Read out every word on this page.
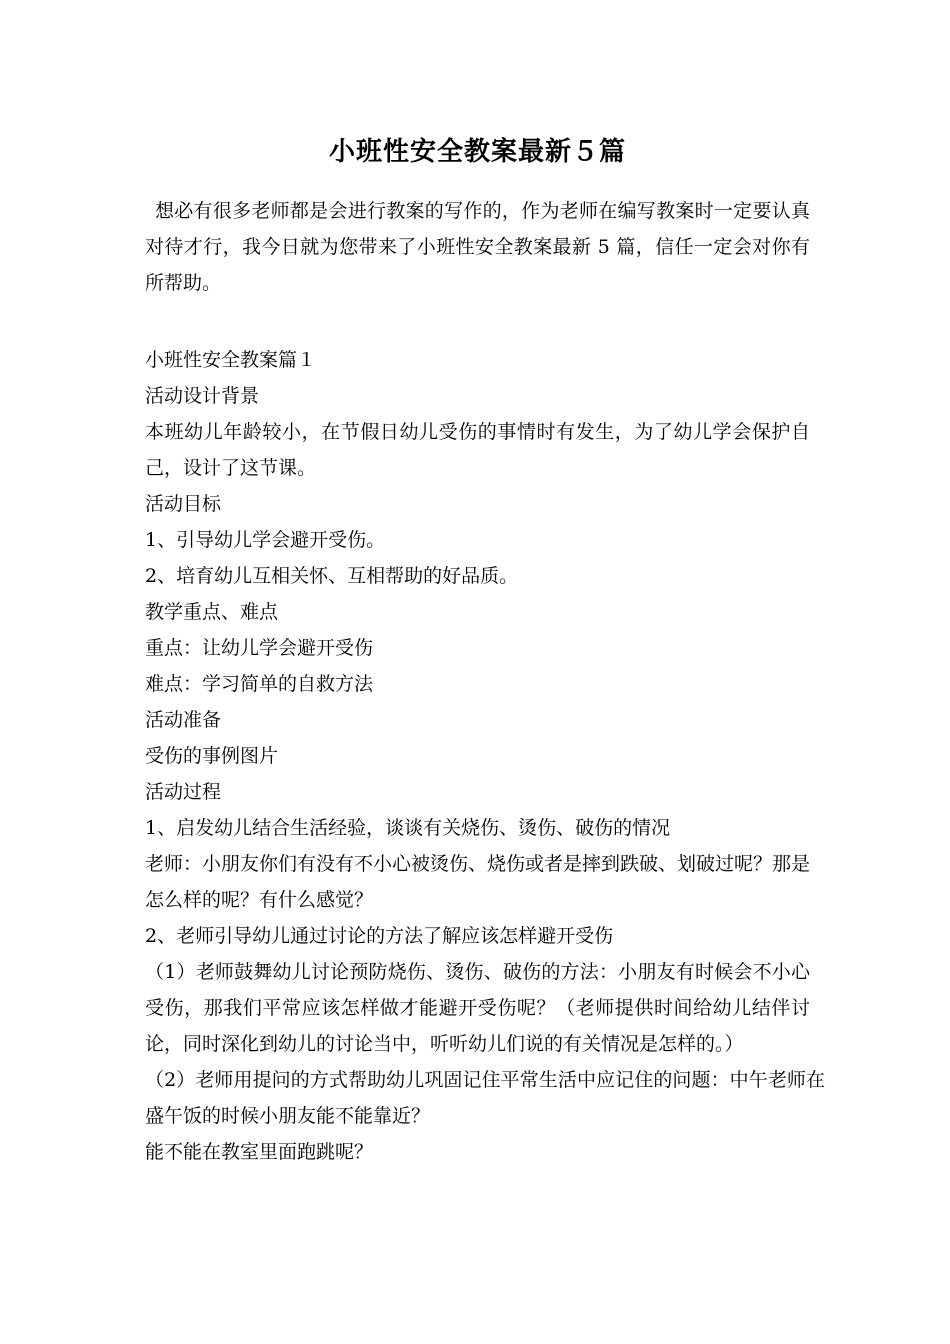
小班性安全教案最新５篇

想必有很多老师都是会进行教案的写作的，作为老师在编写教案时一定要认真对待才行，我今日就为您带来了小班性安全教案最新 5 篇，信任一定会对你有所帮助。

小班性安全教案篇１

活动设计背景

本班幼儿年龄较小，在节假日幼儿受伤的事情时有发生，为了幼儿学会保护自己，设计了这节课。

活动目标

1、引导幼儿学会避开受伤。

2、培育幼儿互相关怀、互相帮助的好品质。

教学重点、难点

重点：让幼儿学会避开受伤

难点：学习简单的自救方法

活动准备

受伤的事例图片

活动过程

1、启发幼儿结合生活经验，谈谈有关烧伤、烫伤、破伤的情况

老师：小朋友你们有没有不小心被烫伤、烧伤或者是摔到跌破、划破过呢？那是怎么样的呢？有什么感觉？

2、老师引导幼儿通过讨论的方法了解应该怎样避开受伤

（1）老师鼓舞幼儿讨论预防烧伤、烫伤、破伤的方法：小朋友有时候会不小心受伤，那我们平常应该怎样做才能避开受伤呢？（老师提供时间给幼儿结伴讨论，同时深化到幼儿的讨论当中，听听幼儿们说的有关情况是怎样的。）

（2）老师用提问的方式帮助幼儿巩固记住平常生活中应记住的问题：中午老师在盛午饭的时候小朋友能不能靠近？

能不能在教室里面跑跳呢？
